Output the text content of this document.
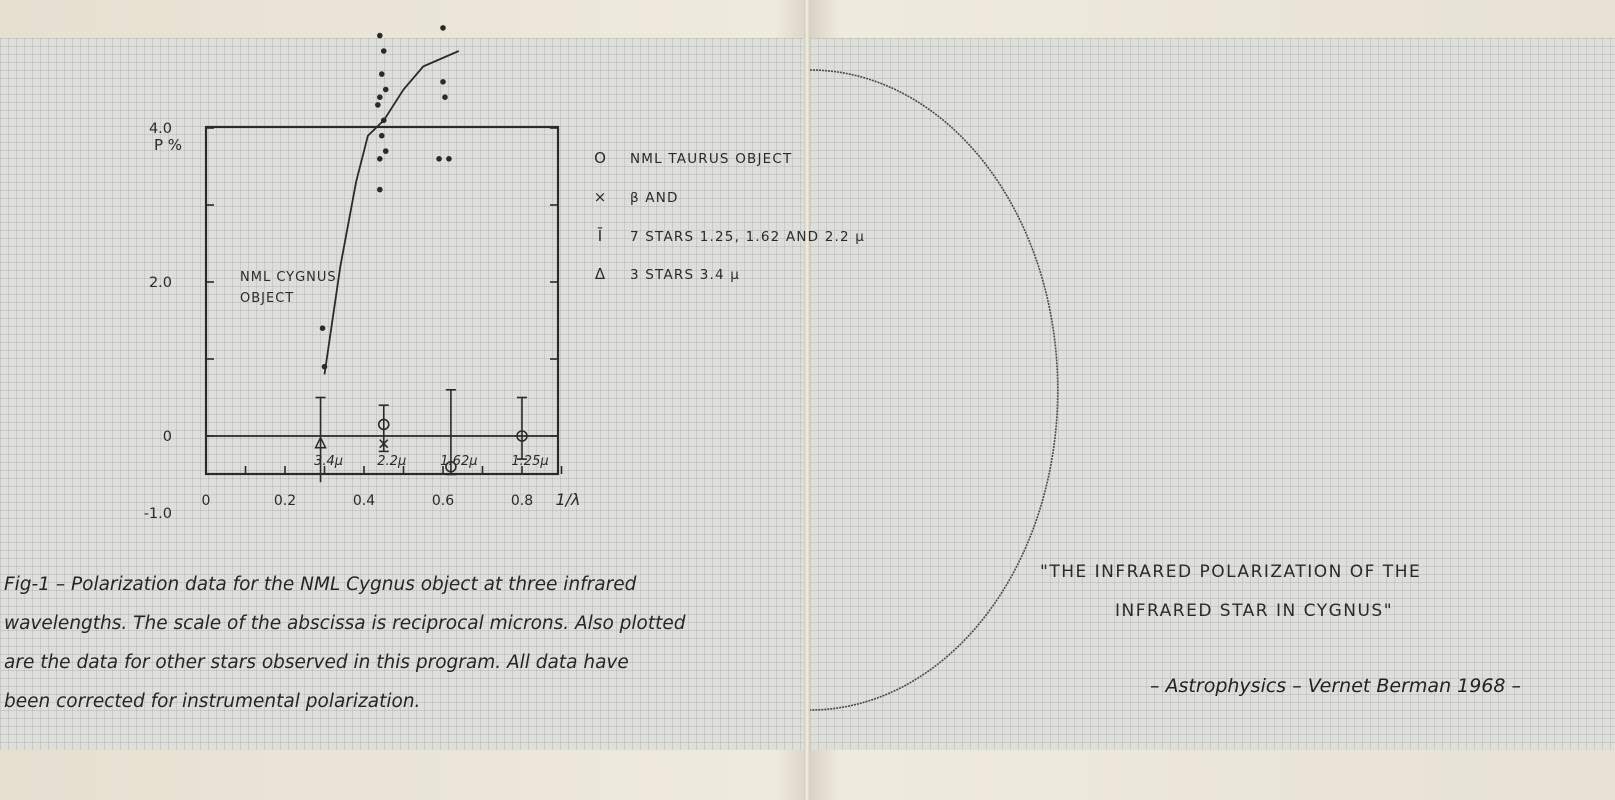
4.0
2.0
0
-1.0
P %
0	0.2	0.4	0.6	0.8 1/λ
3.4μ	2.2μ	1.62μ	1.25μ
NML CYGNUS
OBJECT
O NML TAURUS OBJECT
× β AND
Ī 7 STARS 1.25, 1.62 AND 2.2 μ
Δ 3 STARS 3.4 μ
Fig-1 – Polarization data for the NML Cygnus object at three infrared
wavelengths. The scale of the abscissa is reciprocal microns. Also plotted
are the data for other stars observed in this program. All data have
been corrected for instrumental polarization.
"THE INFRARED POLARIZATION OF THE
INFRARED STAR IN CYGNUS"
– Astrophysics – Vernet Berman 1968 –
